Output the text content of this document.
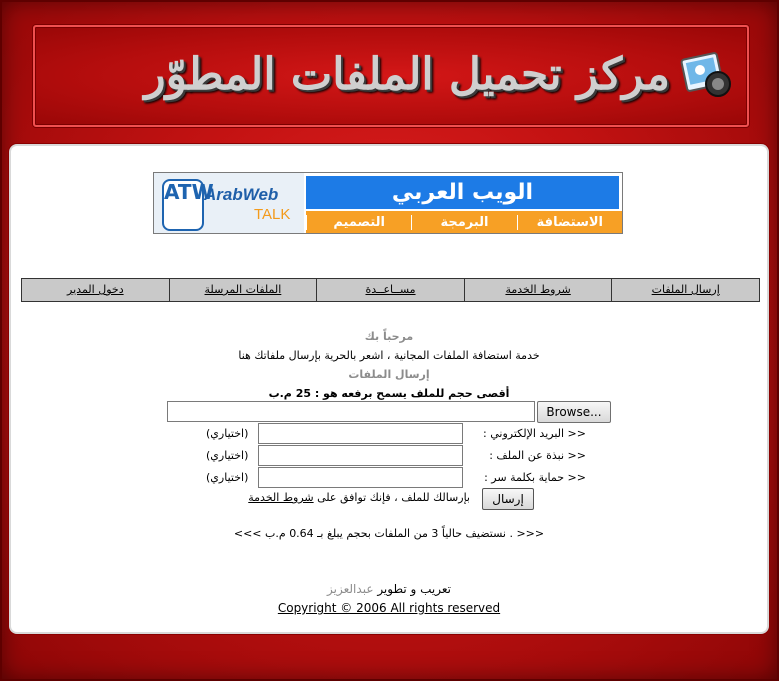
مركز تحميل الملفات المطوّر
ATW
ArabWeb
TALK
الويب العربي
الاستضافة
البرمجة
التصميم
إرسال الملفات
شروط الخدمة
مســاعــدة
الملفات المرسلة
دخول المدير
مرحباً بك
خدمة استضافة الملفات المجانية ، اشعر بالحرية بإرسال ملفاتك هنا
إرسال الملفات
أقصى حجم للملف يسمح برفعه هو : 25 م.ب
Browse...
<< البريد الإلكتروني :
(اختياري)
<< نبذة عن الملف :
(اختياري)
<< حماية بكلمة سر :
(اختياري)
إرسال
بإرسالك للملف ، فإنك توافق على شروط الخدمة
<<< . نستضيف حالياً 3 من الملفات بحجم يبلغ بـ 0.64 م.ب >>>
تعريب و تطوير عبدالعزيز
Copyright © 2006 All rights reserved
